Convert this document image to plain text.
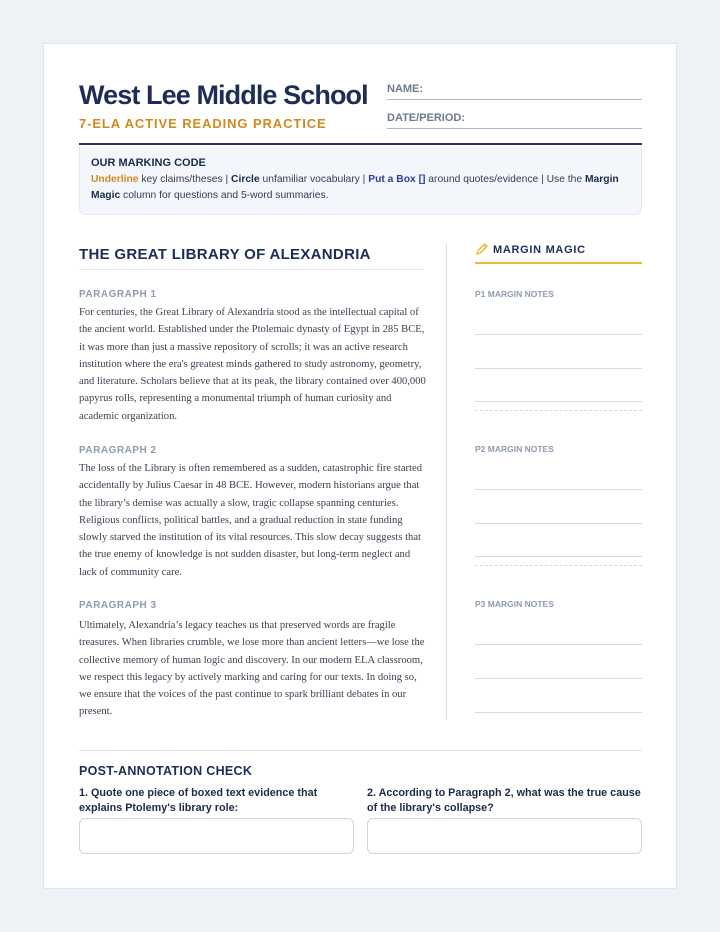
West Lee Middle School
7-ELA ACTIVE READING PRACTICE
NAME:
DATE/PERIOD:
OUR MARKING CODE
Underline key claims/theses | Circle unfamiliar vocabulary | Put a Box [] around quotes/evidence | Use the Margin Magic column for questions and 5-word summaries.
THE GREAT LIBRARY OF ALEXANDRIA
PARAGRAPH 1
For centuries, the Great Library of Alexandria stood as the intellectual capital of the ancient world. Established under the Ptolemaic dynasty of Egypt in 285 BCE, it was more than just a massive repository of scrolls; it was an active research institution where the era's greatest minds gathered to study astronomy, geometry, and literature. Scholars believe that at its peak, the library contained over 400,000 papyrus rolls, representing a monumental triumph of human curiosity and academic organization.
PARAGRAPH 2
The loss of the Library is often remembered as a sudden, catastrophic fire started accidentally by Julius Caesar in 48 BCE. However, modern historians argue that the library’s demise was actually a slow, tragic collapse spanning centuries. Religious conflicts, political battles, and a gradual reduction in state funding slowly starved the institution of its vital resources. This slow decay suggests that the true enemy of knowledge is not sudden disaster, but long-term neglect and lack of community care.
PARAGRAPH 3
Ultimately, Alexandria’s legacy teaches us that preserved words are fragile treasures. When libraries crumble, we lose more than ancient letters—we lose the collective memory of human logic and discovery. In our modern ELA classroom, we respect this legacy by actively marking and caring for our texts. In doing so, we ensure that the voices of the past continue to spark brilliant debates in our present.
MARGIN MAGIC
P1 MARGIN NOTES
P2 MARGIN NOTES
P3 MARGIN NOTES
POST-ANNOTATION CHECK
1. Quote one piece of boxed text evidence that explains Ptolemy's library role:
2. According to Paragraph 2, what was the true cause of the library's collapse?
